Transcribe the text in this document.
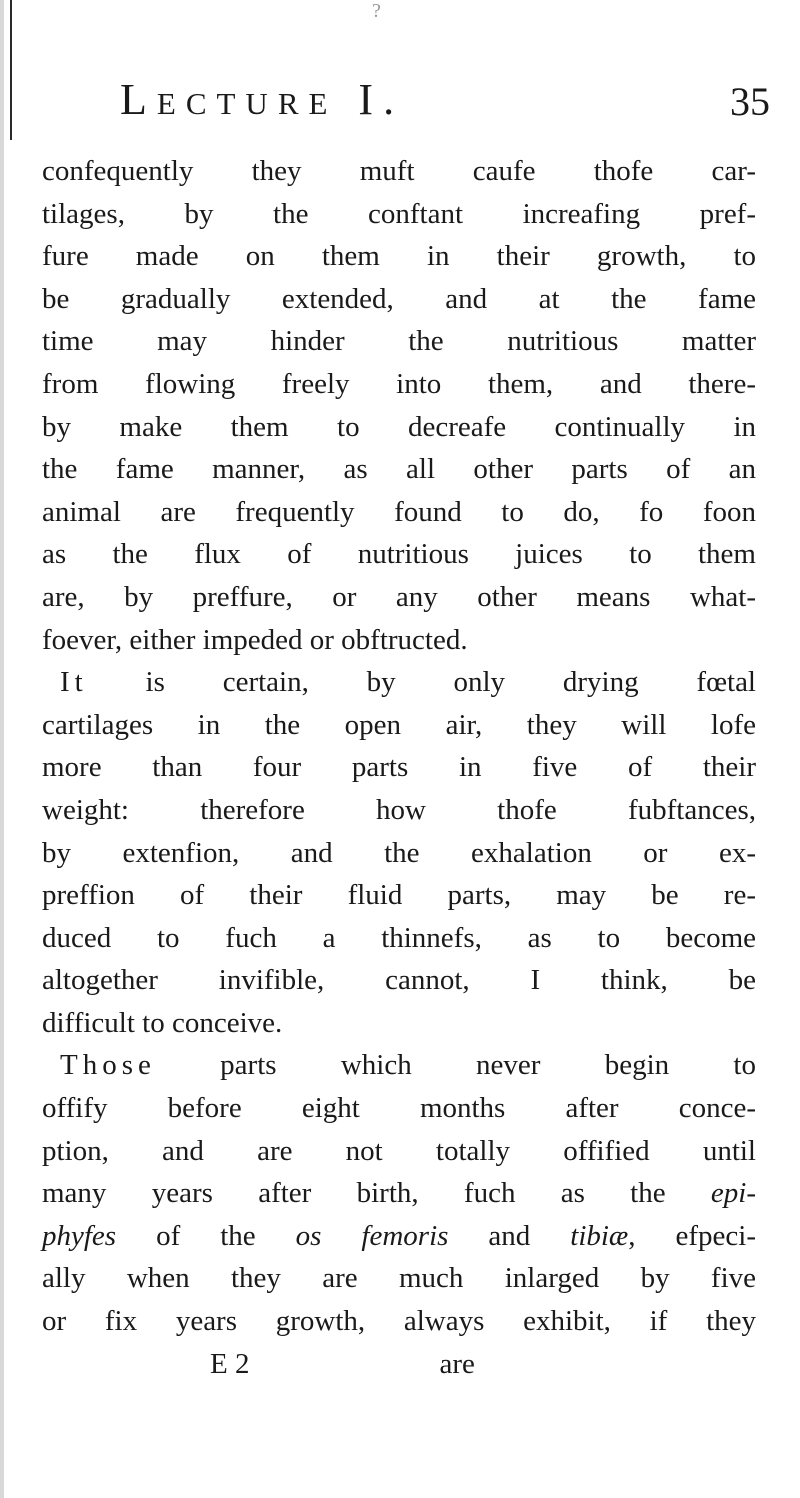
?
Lecture I.	35
confequently they muft caufe thofe car-
tilages, by the conftant increafing pref-
fure made on them in their growth, to
be gradually extended, and at the fame
time may hinder the nutritious matter
from flowing freely into them, and there-
by make them to decreafe continually in
the fame manner, as all other parts of an
animal are frequently found to do, fo foon
as the flux of nutritious juices to them
are, by preffure, or any other means what-
foever, either impeded or obftructed.
It is certain, by only drying fœtal
cartilages in the open air, they will lofe
more than four parts in five of their
weight: therefore how thofe fubftances,
by extenfion, and the exhalation or ex-
preffion of their fluid parts, may be re-
duced to fuch a thinnefs, as to become
altogether invifible, cannot, I think, be
difficult to conceive.
Those parts which never begin to
offify before eight months after conce-
ption, and are not totally offified until
many years after birth, fuch as the epi-
phyfes of the os femoris and tibiæ, efpeci-
ally when they are much inlarged by five
or fix years growth, always exhibit, if they
E 2	are
